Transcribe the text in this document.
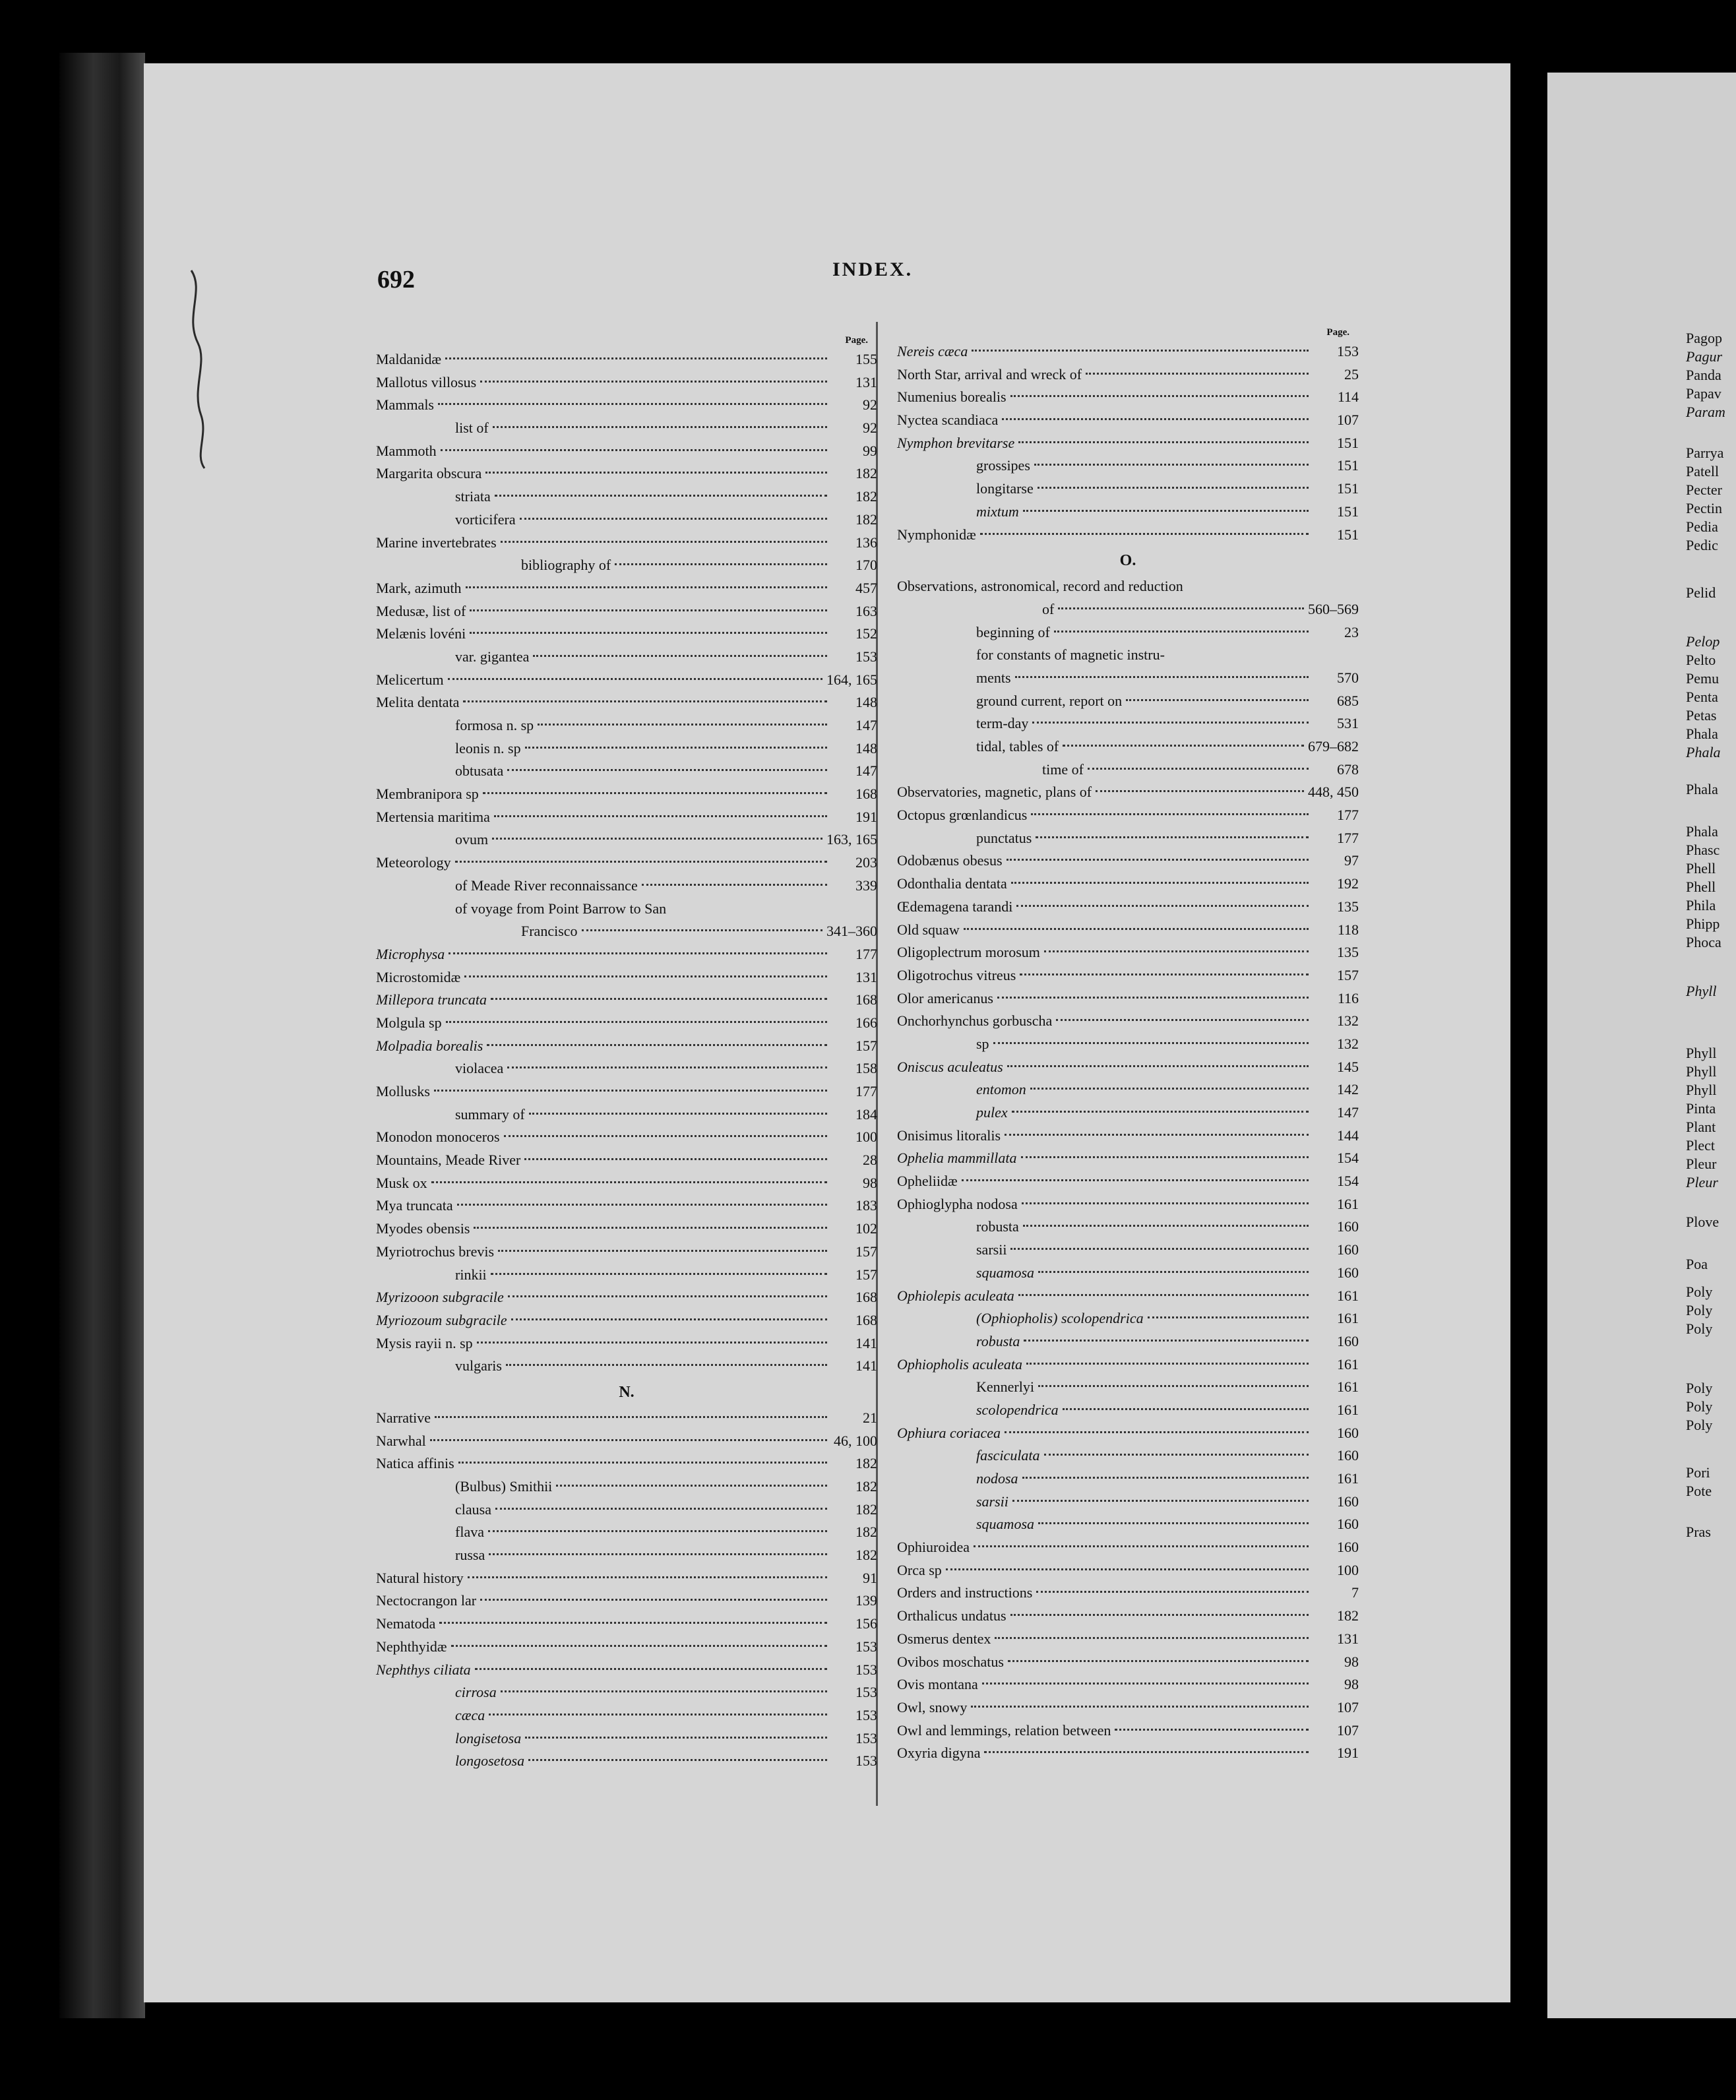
692	INDEX.
Page.
Maldanidæ	155
Mallotus villosus	131
Mammals	92
list of	92
Mammoth	99
Margarita obscura	182
striata	182
vorticifera	182
Marine invertebrates	136
bibliography of	170
Mark, azimuth	457
Medusæ, list of	163
Melænis lovéni	152
var. gigantea	153
Melicertum	164, 165
Melita dentata	148
formosa n. sp	147
leonis n. sp	148
obtusata	147
Membranipora sp	168
Mertensia maritima	191
ovum	163, 165
Meteorology	203
of Meade River reconnaissance	339
of voyage from Point Barrow to San
Francisco	341–360
Microphysa	177
Microstomidæ	131
Millepora truncata	168
Molgula sp	166
Molpadia borealis	157
violacea	158
Mollusks	177
summary of	184
Monodon monoceros	100
Mountains, Meade River	28
Musk ox	98
Mya truncata	183
Myodes obensis	102
Myriotrochus brevis	157
rinkii	157
Myrizooon subgracile	168
Myriozoum subgracile	168
Mysis rayii n. sp	141
vulgaris	141
N.
Narrative	21
Narwhal	46, 100
Natica affinis	182
(Bulbus) Smithii	182
clausa	182
flava	182
russa	182
Natural history	91
Nectocrangon lar	139
Nematoda	156
Nephthyidæ	153
Nephthys ciliata	153
cirrosa	153
cæca	153
longisetosa	153
longosetosa	153
Page.
Nereis cæca	153
North Star, arrival and wreck of	25
Numenius borealis	114
Nyctea scandiaca	107
Nymphon brevitarse	151
grossipes	151
longitarse	151
mixtum	151
Nymphonidæ	151
O.
Observations, astronomical, record and reduction
of	560–569
beginning of	23
for constants of magnetic instru-
ments	570
ground current, report on	685
term-day	531
tidal, tables of	679–682
time of	678
Observatories, magnetic, plans of	448, 450
Octopus grœnlandicus	177
punctatus	177
Odobænus obesus	97
Odonthalia dentata	192
Œdemagena tarandi	135
Old squaw	118
Oligoplectrum morosum	135
Oligotrochus vitreus	157
Olor americanus	116
Onchorhynchus gorbuscha	132
sp	132
Oniscus aculeatus	145
entomon	142
pulex	147
Onisimus litoralis	144
Ophelia mammillata	154
Opheliidæ	154
Ophioglypha nodosa	161
robusta	160
sarsii	160
squamosa	160
Ophiolepis aculeata	161
(Ophiopholis) scolopendrica	161
robusta	160
Ophiopholis aculeata	161
Kennerlyi	161
scolopendrica	161
Ophiura coriacea	160
fasciculata	160
nodosa	161
sarsii	160
squamosa	160
Ophiuroidea	160
Orca sp	100
Orders and instructions	7
Orthalicus undatus	182
Osmerus dentex	131
Ovibos moschatus	98
Ovis montana	98
Owl, snowy	107
Owl and lemmings, relation between	107
Oxyria digyna	191
Pagop
Pagur
Panda
Papav
Param
Parrya
Patell
Pecter
Pectin
Pedia
Pedic
Pelid
Pelop
Pelto
Pemu
Penta
Petas
Phala
Phala
Phala
Phala
Phasc
Phell
Phell
Phila
Phipp
Phoca
Phyll
Phyll
Phyll
Phyll
Pinta
Plant
Plect
Pleur
Pleur
Plove
Poa
Poly
Poly
Poly
Poly
Poly
Poly
Pori
Pote
Pras
